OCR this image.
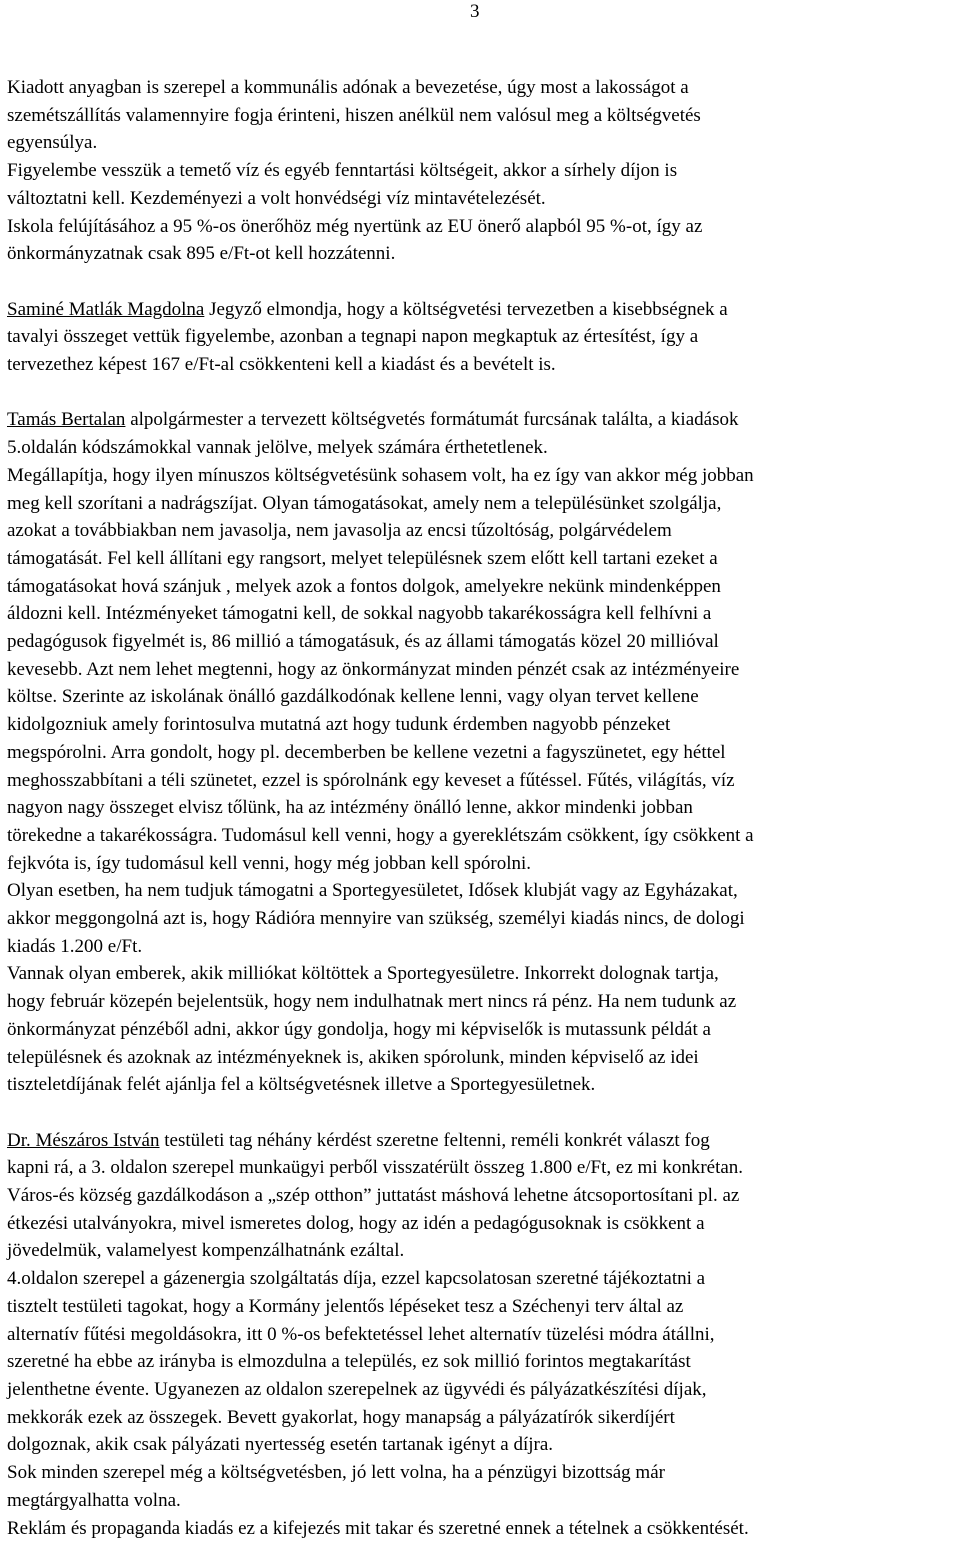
3

Kiadott anyagban is szerepel a kommunális adónak a bevezetése, úgy most a lakosságot a
szemétszállítás valamennyire fogja érinteni, hiszen anélkül nem valósul meg a költségvetés
egyensúlya.
Figyelembe vesszük a temető víz és egyéb fenntartási költségeit, akkor a sírhely díjon is
változtatni kell. Kezdeményezi a volt honvédségi víz mintavételezését.
Iskola felújításához a 95 %-os önerőhöz még nyertünk az EU önerő alapból 95 %-ot, így az
önkormányzatnak csak 895 e/Ft-ot kell hozzátenni.

Saminé Matlák Magdolna Jegyző elmondja, hogy a költségvetési tervezetben a kisebbségnek a
tavalyi összeget vettük figyelembe, azonban a tegnapi napon megkaptuk az értesítést, így a
tervezethez képest 167 e/Ft-al csökkenteni kell a kiadást és a bevételt is.

Tamás Bertalan alpolgármester a tervezett költségvetés formátumát furcsának találta, a kiadások
5.oldalán kódszámokkal vannak jelölve, melyek számára érthetetlenek.
Megállapítja, hogy ilyen mínuszos költségvetésünk sohasem volt, ha ez így van akkor még jobban
meg kell szorítani a nadrágszíjat. Olyan támogatásokat, amely nem a településünket szolgálja,
azokat a továbbiakban nem javasolja, nem javasolja az encsi tűzoltóság, polgárvédelem
támogatását. Fel kell állítani egy rangsort, melyet településnek szem előtt kell tartani ezeket a
támogatásokat hová szánjuk , melyek azok a fontos dolgok, amelyekre nekünk mindenképpen
áldozni kell. Intézményeket támogatni kell, de sokkal nagyobb takarékosságra kell felhívni a
pedagógusok figyelmét is, 86 millió a támogatásuk, és az állami támogatás közel 20 millióval
kevesebb. Azt nem lehet megtenni, hogy az önkormányzat minden pénzét csak az intézményeire
költse. Szerinte az iskolának önálló gazdálkodónak kellene lenni, vagy olyan tervet kellene
kidolgozniuk amely forintosulva mutatná azt hogy tudunk érdemben nagyobb pénzeket
megspórolni. Arra gondolt, hogy pl. decemberben be kellene vezetni a fagyszünetet, egy héttel
meghosszabbítani a téli szünetet, ezzel is spórolnánk egy keveset a fűtéssel. Fűtés, világítás, víz
nagyon nagy összeget elvisz tőlünk, ha az intézmény önálló lenne, akkor mindenki jobban
törekedne a takarékosságra. Tudomásul kell venni, hogy a gyereklétszám csökkent, így csökkent a
fejkvóta is, így tudomásul kell venni, hogy még jobban kell spórolni.
Olyan esetben, ha nem tudjuk támogatni a Sportegyesületet, Idősek klubját vagy az Egyházakat,
akkor meggongolná azt is, hogy Rádióra mennyire van szükség, személyi kiadás nincs, de dologi
kiadás 1.200 e/Ft.
Vannak olyan emberek, akik milliókat költöttek a Sportegyesületre. Inkorrekt dolognak tartja,
hogy február közepén bejelentsük, hogy nem indulhatnak mert nincs rá pénz. Ha nem tudunk az
önkormányzat pénzéből adni, akkor úgy gondolja, hogy mi képviselők is mutassunk példát a
településnek és azoknak az intézményeknek is, akiken spórolunk, minden képviselő az idei
tiszteletdíjának felét ajánlja fel a költségvetésnek illetve a Sportegyesületnek.

Dr. Mészáros István testületi tag néhány kérdést szeretne feltenni, reméli konkrét választ fog
kapni rá, a 3. oldalon szerepel munkaügyi perből visszatérült összeg 1.800 e/Ft, ez mi konkrétan.
Város-és község gazdálkodáson a „szép otthon” juttatást máshová lehetne átcsoportosítani pl. az
étkezési utalványokra, mivel ismeretes dolog, hogy az idén a pedagógusoknak is csökkent a
jövedelmük, valamelyest kompenzálhatnánk ezáltal.
4.oldalon szerepel a gázenergia szolgáltatás díja, ezzel kapcsolatosan szeretné tájékoztatni a
tisztelt testületi tagokat, hogy a Kormány jelentős lépéseket tesz a Széchenyi terv által az
alternatív fűtési megoldásokra, itt 0 %-os befektetéssel lehet alternatív tüzelési módra átállni,
szeretné ha ebbe az irányba is elmozdulna a település, ez sok millió forintos megtakarítást
jelenthetne évente. Ugyanezen az oldalon szerepelnek az ügyvédi és pályázatkészítési díjak,
mekkorák ezek az összegek. Bevett gyakorlat, hogy manapság a pályázatírók sikerdíjért
dolgoznak, akik csak pályázati nyertesség esetén tartanak igényt a díjra.
Sok minden szerepel még a költségvetésben, jó lett volna, ha a pénzügyi bizottság már
megtárgyalhatta volna.
Reklám és propaganda kiadás ez a kifejezés mit takar és szeretné ennek a tételnek a csökkentését.
